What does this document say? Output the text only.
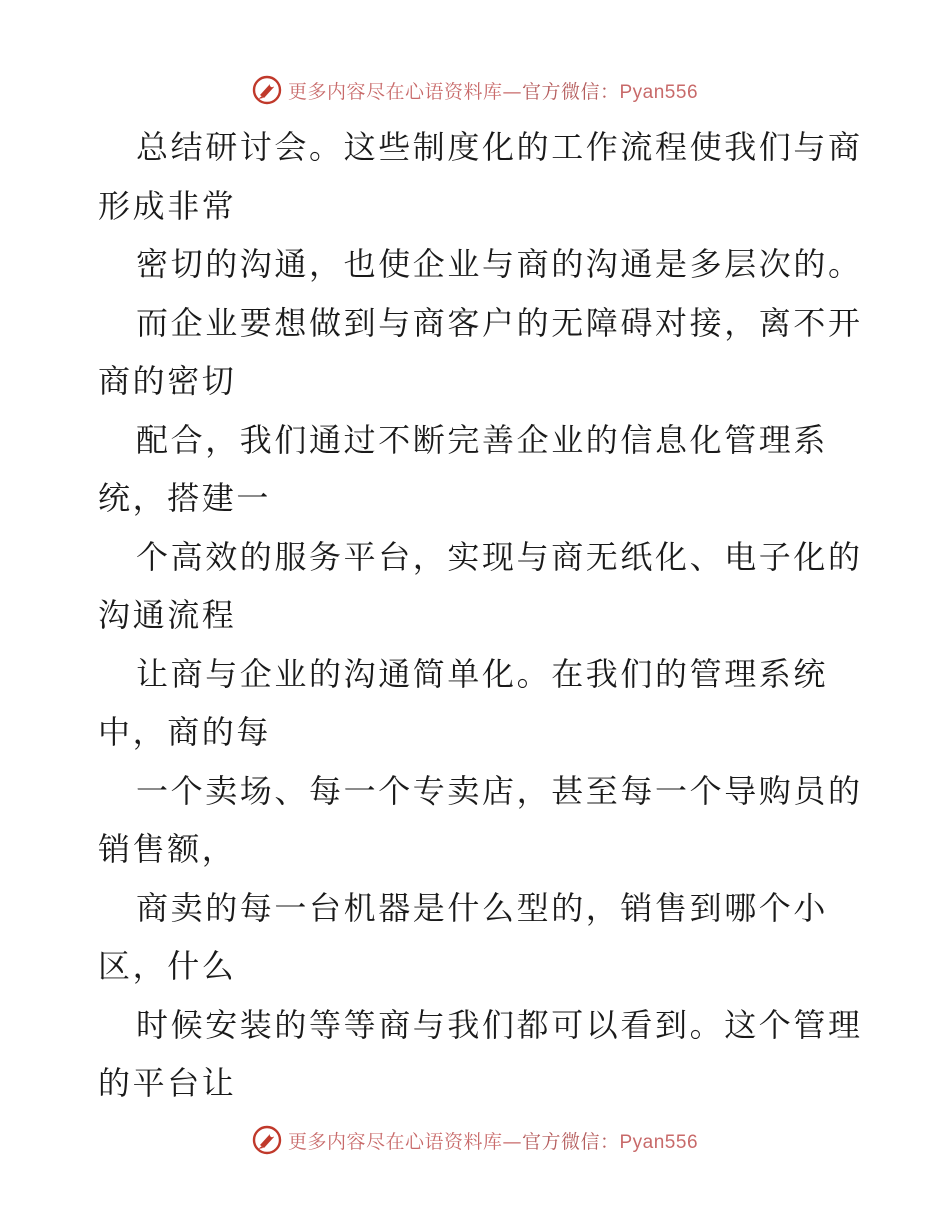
更多内容尽在心语资料库—官方微信：Pyan556
总结研讨会。这些制度化的工作流程使我们与商
形成非常
密切的沟通，也使企业与商的沟通是多层次的。
而企业要想做到与商客户的无障碍对接，离不开
商的密切
配合，我们通过不断完善企业的信息化管理系
统，搭建一
个高效的服务平台，实现与商无纸化、电子化的
沟通流程
让商与企业的沟通简单化。在我们的管理系统
中，商的每
一个卖场、每一个专卖店，甚至每一个导购员的
销售额，
商卖的每一台机器是什么型的，销售到哪个小
区，什么
时候安装的等等商与我们都可以看到。这个管理
的平台让
更多内容尽在心语资料库—官方微信：Pyan556
